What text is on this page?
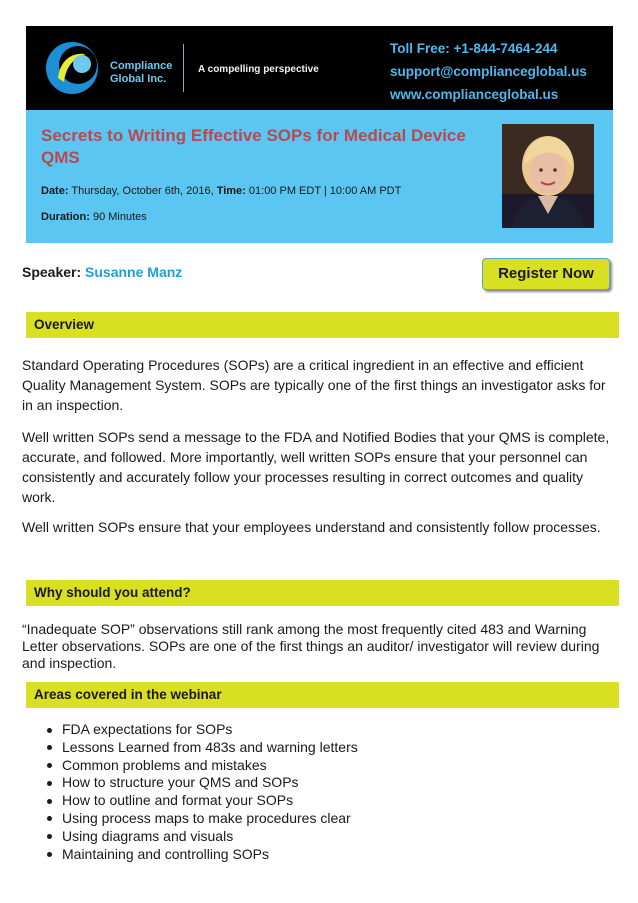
Compliance
Global Inc.
A compelling perspective
Toll Free: +1-844-7464-244
support@complianceglobal.us
www.complianceglobal.us
Secrets to Writing Effective SOPs for Medical Device QMS
Date: Thursday, October 6th, 2016, Time: 01:00 PM EDT | 10:00 AM PDT
Duration: 90 Minutes
Speaker: Susanne Manz	Register Now
Overview

Standard Operating Procedures (SOPs) are a critical ingredient in an effective and efficient Quality Management System. SOPs are typically one of the first things an investigator asks for in an inspection.

Well written SOPs send a message to the FDA and Notified Bodies that your QMS is complete, accurate, and followed. More importantly, well written SOPs ensure that your personnel can consistently and accurately follow your processes resulting in correct outcomes and quality work.

Well written SOPs ensure that your employees understand and consistently follow processes.

Why should you attend?

“Inadequate SOP” observations still rank among the most frequently cited 483 and Warning Letter observations. SOPs are one of the first things an auditor/ investigator will review during and inspection.

Areas covered in the webinar
FDA expectations for SOPs
Lessons Learned from 483s and warning letters
Common problems and mistakes
How to structure your QMS and SOPs
How to outline and format your SOPs
Using process maps to make procedures clear
Using diagrams and visuals
Maintaining and controlling SOPs
